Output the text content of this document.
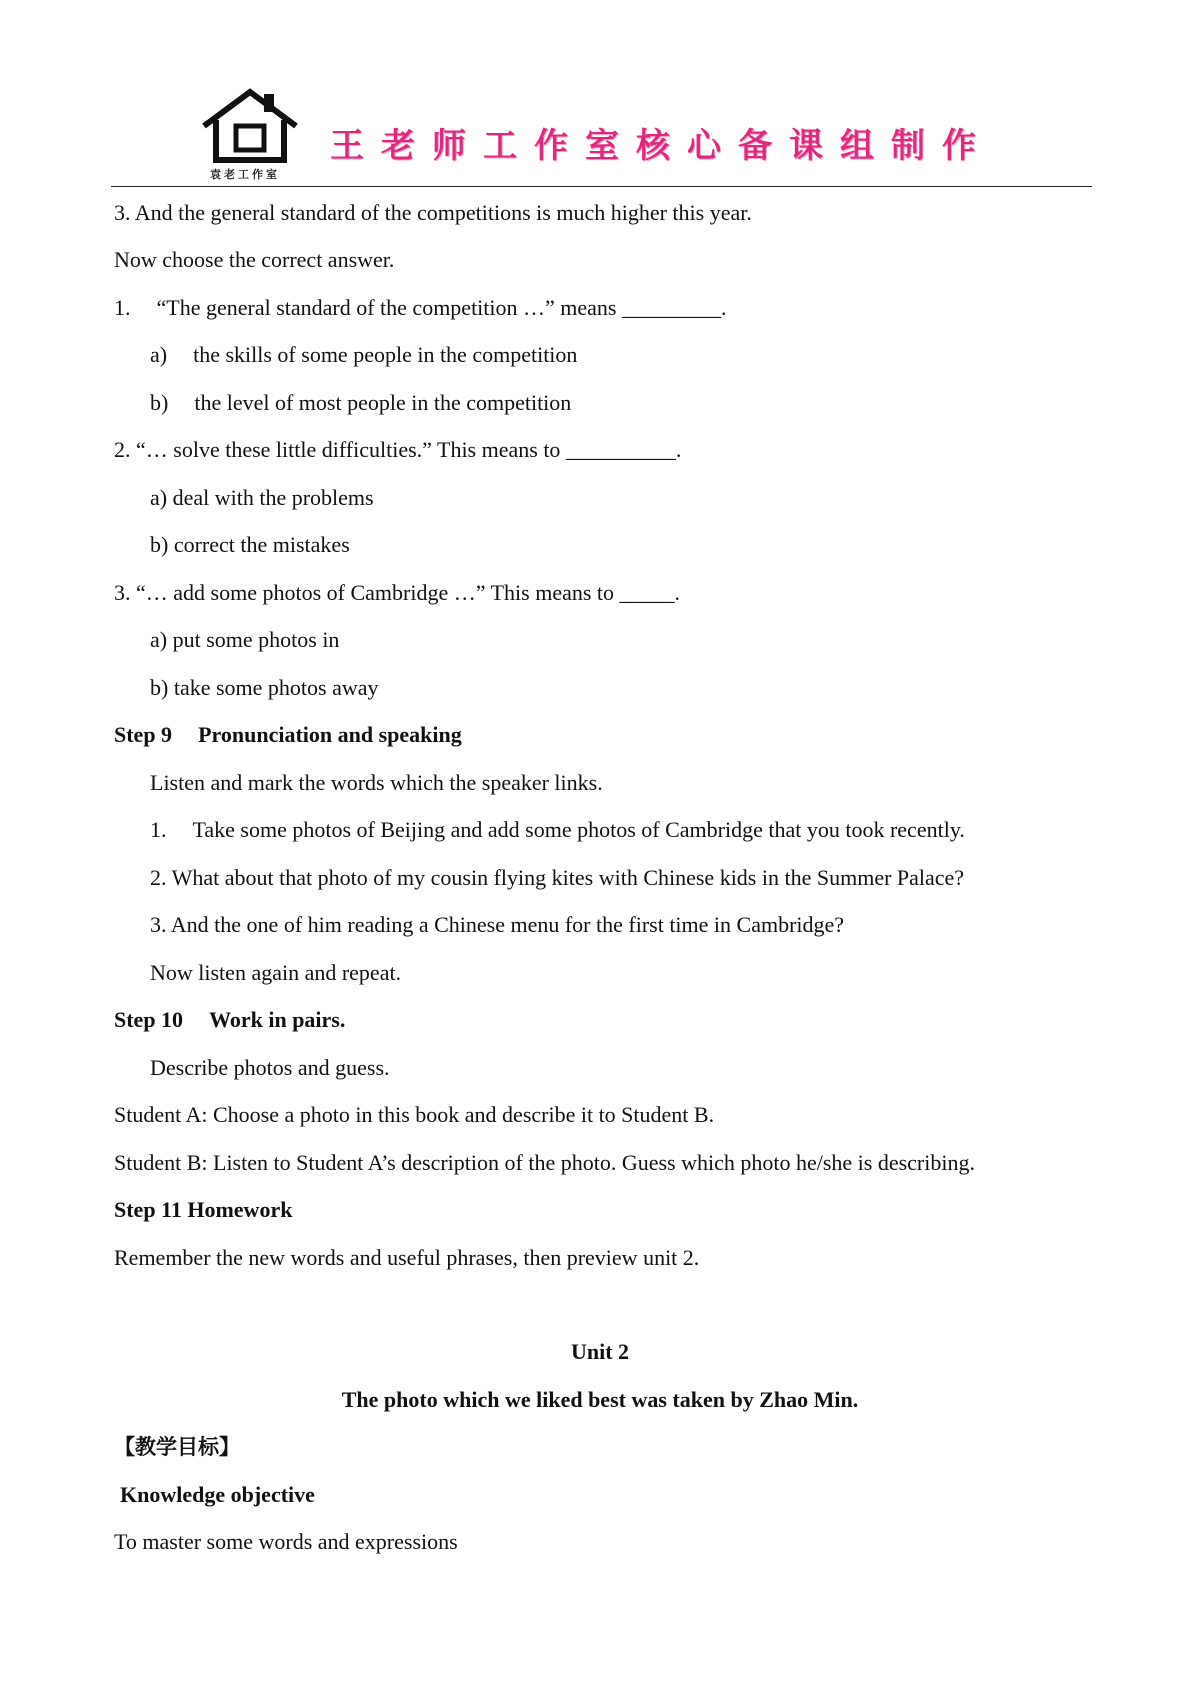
袁老工作室
王老师工作室核心备课组制作
3. And the general standard of the competitions is much higher this year.
Now choose the correct answer.
1. “The general standard of the competition …” means _________.
a) the skills of some people in the competition
b) the level of most people in the competition
2. “… solve these little difficulties.” This means to __________.
a) deal with the problems
b) correct the mistakes
3. “… add some photos of Cambridge …” This means to _____.
a) put some photos in
b) take some photos away
Step 9 Pronunciation and speaking
Listen and mark the words which the speaker links.
1. Take some photos of Beijing and add some photos of Cambridge that you took recently.
2. What about that photo of my cousin flying kites with Chinese kids in the Summer Palace?
3. And the one of him reading a Chinese menu for the first time in Cambridge?
Now listen again and repeat.
Step 10 Work in pairs.
Describe photos and guess.
Student A: Choose a photo in this book and describe it to Student B.
Student B: Listen to Student A’s description of the photo. Guess which photo he/she is describing.
Step 11 Homework
Remember the new words and useful phrases, then preview unit 2.
Unit 2
The photo which we liked best was taken by Zhao Min.
【教学目标】
Knowledge objective
To master some words and expressions
